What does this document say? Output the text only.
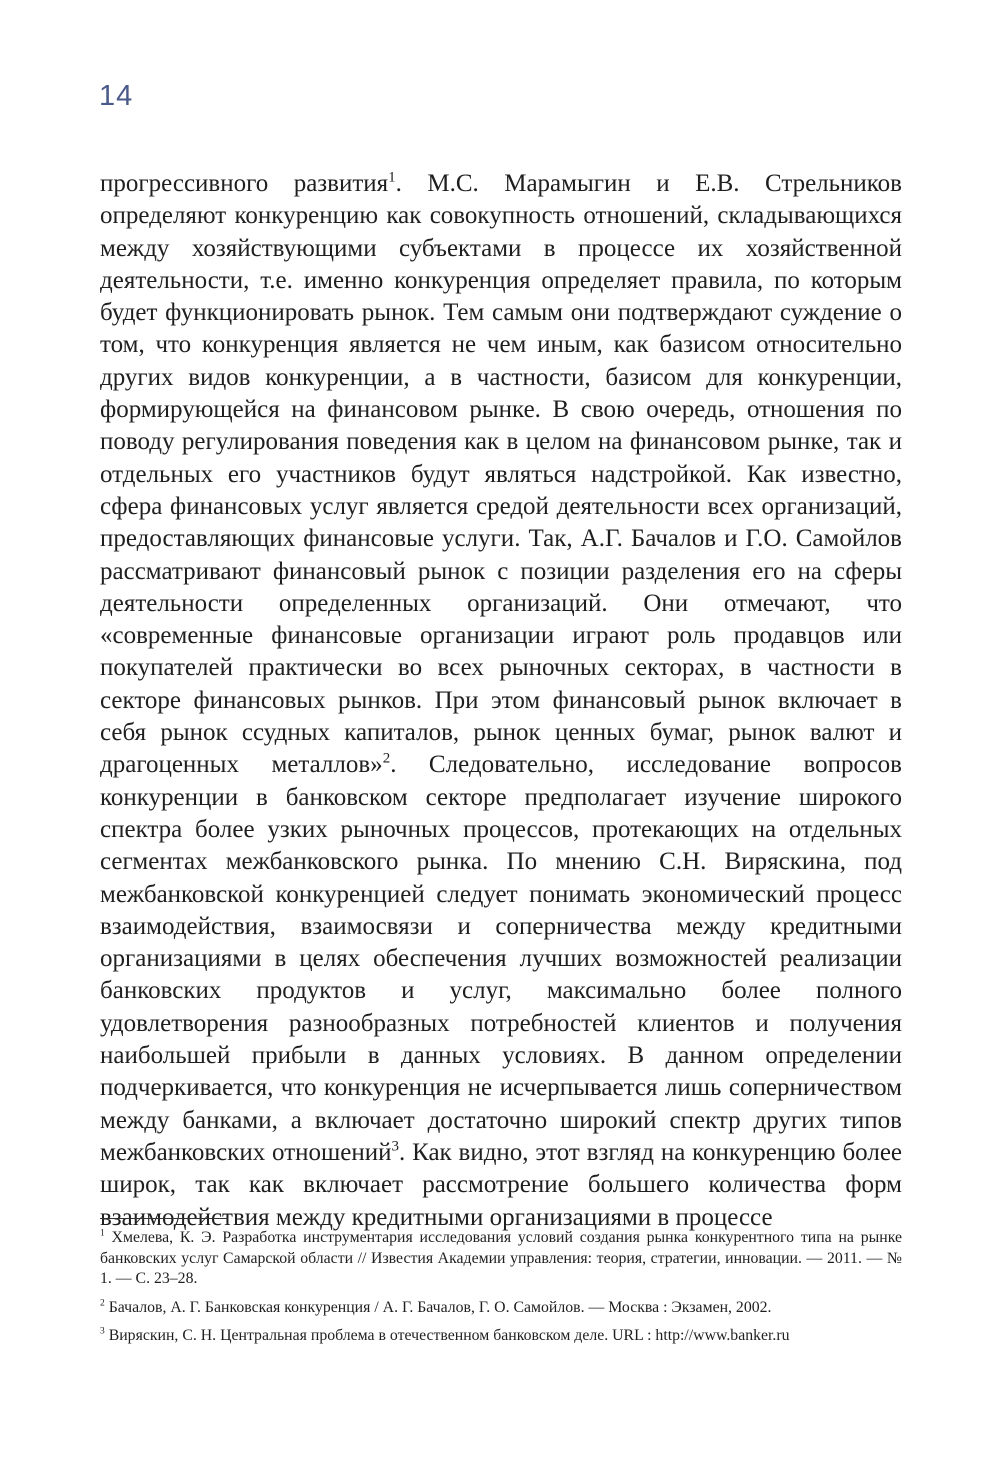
14

прогрессивного развития$^1$. М.С. Марамыгин и Е.В. Стрельников определяют конкуренцию как совокупность отношений, складывающихся между хозяйствующими субъектами в процессе их хозяйственной деятельности, т.е. именно конкуренция определяет правила, по которым будет функционировать рынок. Тем самым они подтверждают суждение о том, что конкуренция является не чем иным, как базисом относительно других видов конкуренции, а в частности, базисом для конкуренции, формирующейся на финансовом рынке. В свою очередь, отношения по поводу регулирования поведения как в целом на финансовом рынке, так и отдельных его участников будут являться надстройкой. Как известно, сфера финансовых услуг является средой деятельности всех организаций, предоставляющих финансовые услуги. Так, А.Г. Бачалов и Г.О. Самойлов рассматривают финансовый рынок с позиции разделения его на сферы деятельности определенных организаций. Они отмечают, что «современные финансовые организации играют роль продавцов или покупателей практически во всех рыночных секторах, в частности в секторе финансовых рынков. При этом финансовый рынок включает в себя рынок ссудных капиталов, рынок ценных бумаг, рынок валют и драгоценных металлов»$^2$. Следовательно, исследование вопросов конкуренции в банковском секторе предполагает изучение широкого спектра более узких рыночных процессов, протекающих на отдельных сегментах межбанковского рынка. По мнению С.Н. Виряскина, под межбанковской конкуренцией следует понимать экономический процесс взаимодействия, взаимосвязи и соперничества между кредитными организациями в целях обеспечения лучших возможностей реализации банковских продуктов и услуг, максимально более полного удовлетворения разнообразных потребностей клиентов и получения наибольшей прибыли в данных условиях. В данном определении подчеркивается, что конкуренция не исчерпывается лишь соперничеством между банками, а включает достаточно широкий спектр других типов межбанковских отношений$^3$. Как видно, этот взгляд на конкуренцию более широк, так как включает рассмотрение большего количества форм взаимодействия между кредитными организациями в процессе

$^1$ Хмелева, К. Э. Разработка инструментария исследования условий создания рынка конкурентного типа на рынке банковских услуг Самарской области // Известия Академии управления: теория, стратегии, инновации. — 2011. — № 1. — С. 23–28.

$^2$ Бачалов, А. Г. Банковская конкуренция / А. Г. Бачалов, Г. О. Самойлов. — Москва : Экзамен, 2002.

$^3$ Виряскин, С. Н. Центральная проблема в отечественном банковском деле. URL : http://www.banker.ru
